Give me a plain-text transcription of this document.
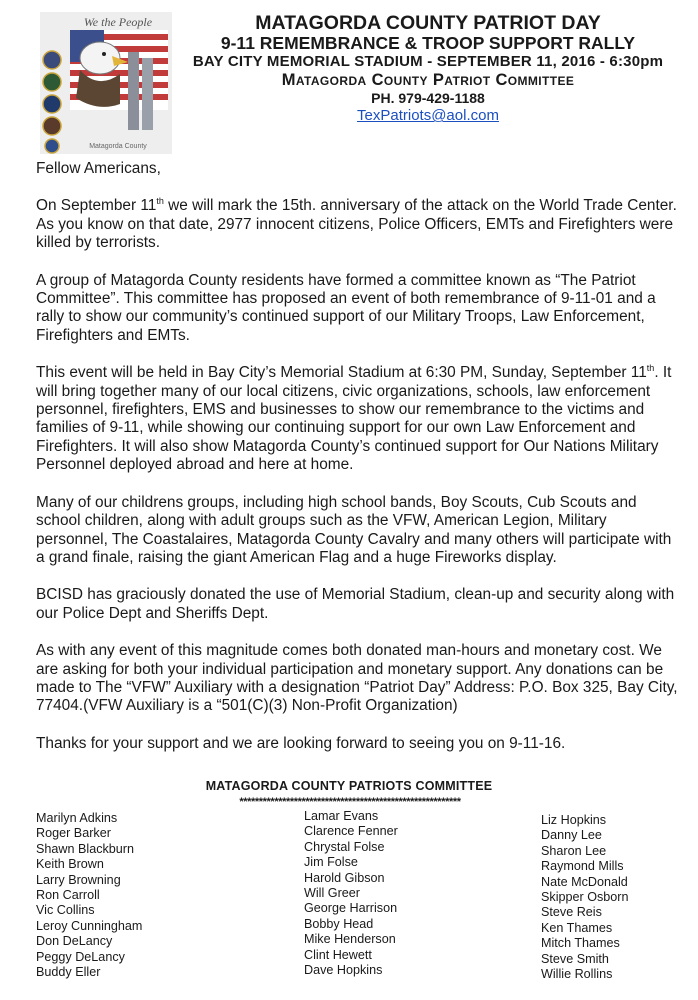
We the People
Matagorda County
MATAGORDA COUNTY PATRIOT DAY
9-11 REMEMBRANCE & TROOP SUPPORT RALLY
BAY CITY MEMORIAL STADIUM - SEPTEMBER 11, 2016 - 6:30pm
Matagorda County Patriot Committee
PH. 979-429-1188
TexPatriots@aol.com

Fellow Americans,

On September 11th we will mark the 15th. anniversary of the attack on the World Trade Center. As you know on that date, 2977 innocent citizens, Police Officers, EMTs and Firefighters were killed by terrorists.

A group of Matagorda County residents have formed a committee known as “The Patriot Committee”. This committee has proposed an event of both remembrance of 9-11-01 and a rally to show our community’s continued support of our Military Troops, Law Enforcement, Firefighters and EMTs.

This event will be held in Bay City’s Memorial Stadium at 6:30 PM, Sunday, September 11th. It will bring together many of our local citizens, civic organizations, schools, law enforcement personnel, firefighters, EMS and businesses to show our remembrance to the victims and families of 9-11, while showing our continuing support for our own Law Enforcement and Firefighters. It will also show Matagorda County’s continued support for Our Nations Military Personnel deployed abroad and here at home.

Many of our childrens groups, including high school bands, Boy Scouts, Cub Scouts and school children, along with adult groups such as the VFW, American Legion, Military personnel, The Coastalaires, Matagorda County Cavalry and many others will participate with a grand finale, raising the giant American Flag and a huge Fireworks display.

BCISD has graciously donated the use of Memorial Stadium, clean-up and security along with our Police Dept and Sheriffs Dept.

As with any event of this magnitude comes both donated man-hours and monetary cost. We are asking for both your individual participation and monetary support. Any donations can be made to The “VFW” Auxiliary with a designation “Patriot Day” Address: P.O. Box 325, Bay City, 77404.(VFW Auxiliary is a “501(C)(3) Non-Profit Organization)

Thanks for your support and we are looking forward to seeing you on 9-11-16.

MATAGORDA COUNTY PATRIOTS COMMITTEE
*********************************************************
Marilyn Adkins
Roger Barker
Shawn Blackburn
Keith Brown
Larry Browning
Ron Carroll
Vic Collins
Leroy Cunningham
Don DeLancy
Peggy DeLancy
Buddy Eller
Lamar Evans
Clarence Fenner
Chrystal Folse
Jim Folse
Harold Gibson
Will Greer
George Harrison
Bobby Head
Mike Henderson
Clint Hewett
Dave Hopkins
Liz Hopkins
Danny Lee
Sharon Lee
Raymond Mills
Nate McDonald
Skipper Osborn
Steve Reis
Ken Thames
Mitch Thames
Steve Smith
Willie Rollins
